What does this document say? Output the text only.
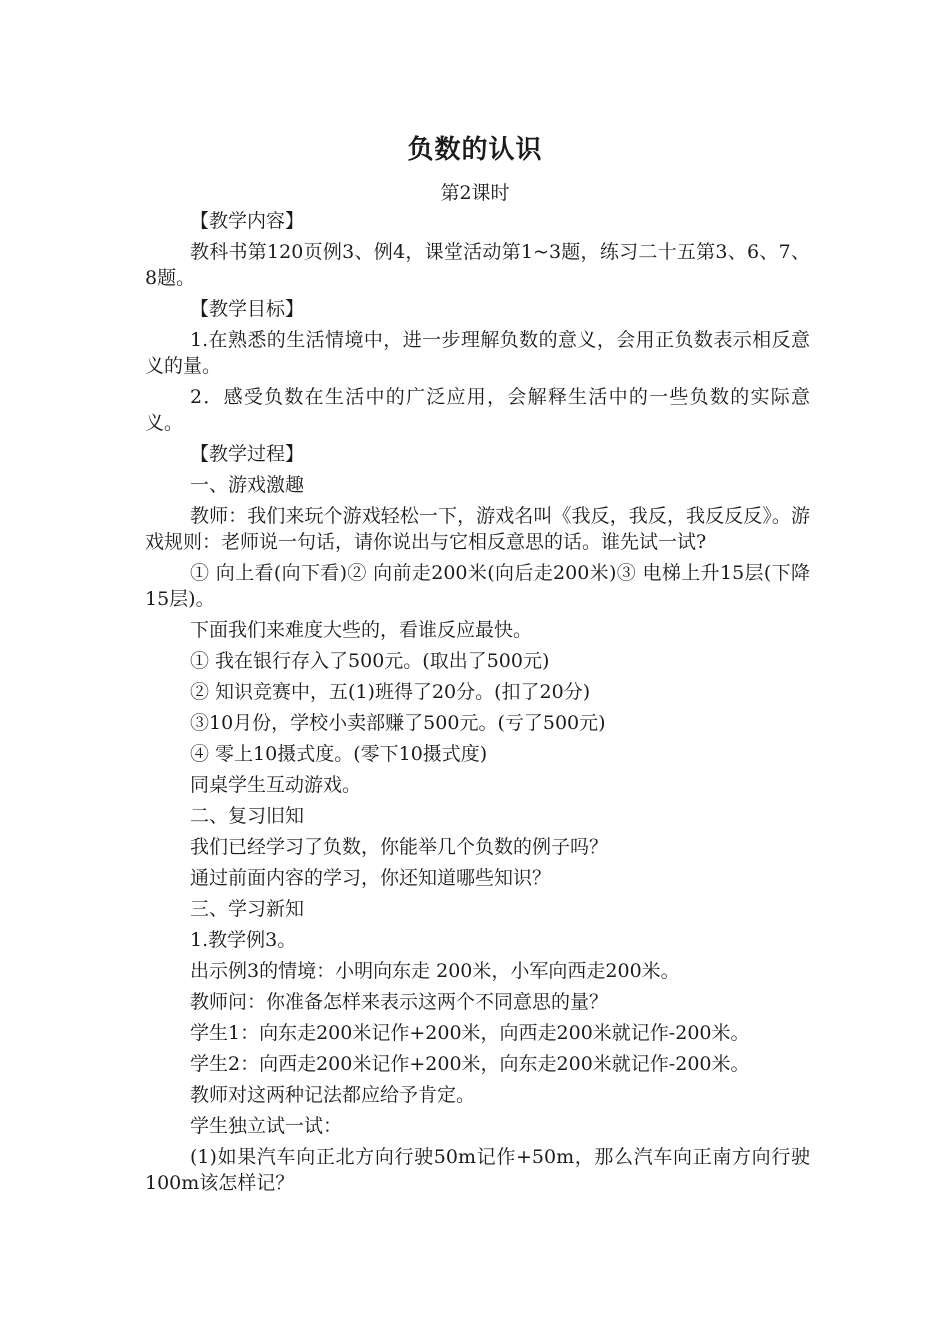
负数的认识
第2课时

【教学内容】

教科书第120页例3、例4，课堂活动第1~3题，练习二十五第3、6、7、8题。

【教学目标】

1.在熟悉的生活情境中，进一步理解负数的意义，会用正负数表示相反意义的量。

2．感受负数在生活中的广泛应用，会解释生活中的一些负数的实际意义。

【教学过程】

一、游戏激趣

教师：我们来玩个游戏轻松一下，游戏名叫《我反，我反，我反反反》。游戏规则：老师说一句话，请你说出与它相反意思的话。谁先试一试?

① 向上看(向下看)② 向前走200米(向后走200米)③ 电梯上升15层(下降15层)。

下面我们来难度大些的，看谁反应最快。

① 我在银行存入了500元。(取出了500元)

② 知识竞赛中，五(1)班得了20分。(扣了20分)

③10月份，学校小卖部赚了500元。(亏了500元)

④ 零上10摄式度。(零下10摄式度)

同桌学生互动游戏。

二、复习旧知

我们已经学习了负数，你能举几个负数的例子吗？

通过前面内容的学习，你还知道哪些知识？

三、学习新知

1.教学例3。

出示例3的情境：小明向东走 200米，小军向西走200米。

教师问：你准备怎样来表示这两个不同意思的量？

学生1：向东走200米记作+200米，向西走200米就记作-200米。

学生2：向西走200米记作+200米，向东走200米就记作-200米。

教师对这两种记法都应给予肯定。

学生独立试一试：

(1)如果汽车向正北方向行驶50m记作+50m，那么汽车向正南方向行驶100m该怎样记？
